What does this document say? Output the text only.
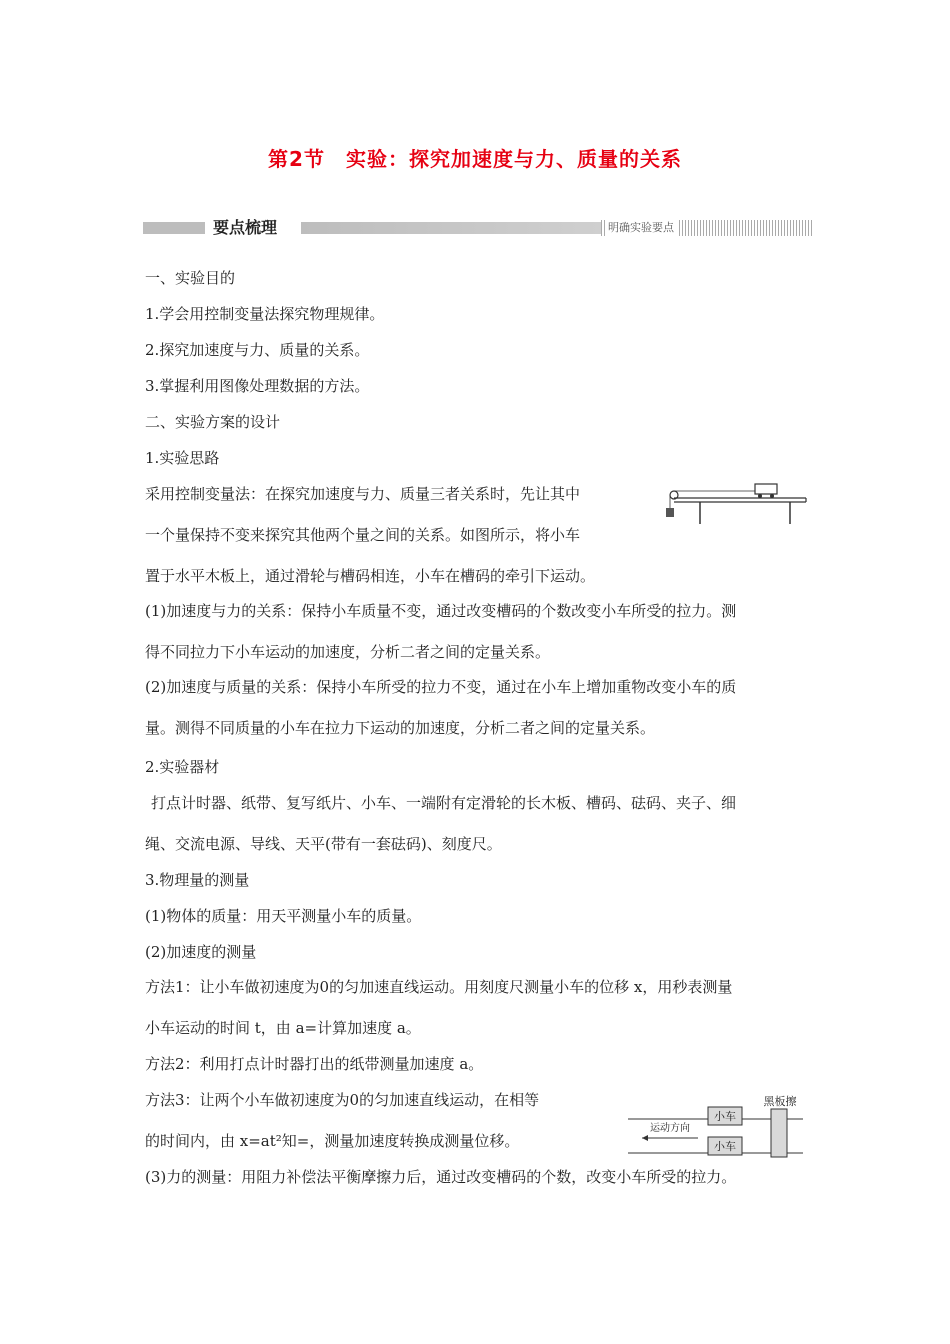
第2节　实验：探究加速度与力、质量的关系
要点梳理	明确实验要点
一、实验目的
1.学会用控制变量法探究物理规律。
2.探究加速度与力、质量的关系。
3.掌握利用图像处理数据的方法。
二、实验方案的设计
1.实验思路
采用控制变量法：在探究加速度与力、质量三者关系时，先让其中
一个量保持不变来探究其他两个量之间的关系。如图所示，将小车
置于水平木板上，通过滑轮与槽码相连，小车在槽码的牵引下运动。
(1)加速度与力的关系：保持小车质量不变，通过改变槽码的个数改变小车所受的拉力。测
得不同拉力下小车运动的加速度，分析二者之间的定量关系。
(2)加速度与质量的关系：保持小车所受的拉力不变，通过在小车上增加重物改变小车的质
量。测得不同质量的小车在拉力下运动的加速度，分析二者之间的定量关系。
2.实验器材
打点计时器、纸带、复写纸片、小车、一端附有定滑轮的长木板、槽码、砝码、夹子、细
绳、交流电源、导线、天平(带有一套砝码)、刻度尺。
3.物理量的测量
(1)物体的质量：用天平测量小车的质量。
(2)加速度的测量
方法1：让小车做初速度为0的匀加速直线运动。用刻度尺测量小车的位移 x，用秒表测量
小车运动的时间 t，由 a=计算加速度 a。
方法2：利用打点计时器打出的纸带测量加速度 a。
方法3：让两个小车做初速度为0的匀加速直线运动，在相等
的时间内，由 x=at²知=，测量加速度转换成测量位移。
(3)力的测量：用阻力补偿法平衡摩擦力后，通过改变槽码的个数，改变小车所受的拉力。
小车
小车
黑板擦
运动方向
